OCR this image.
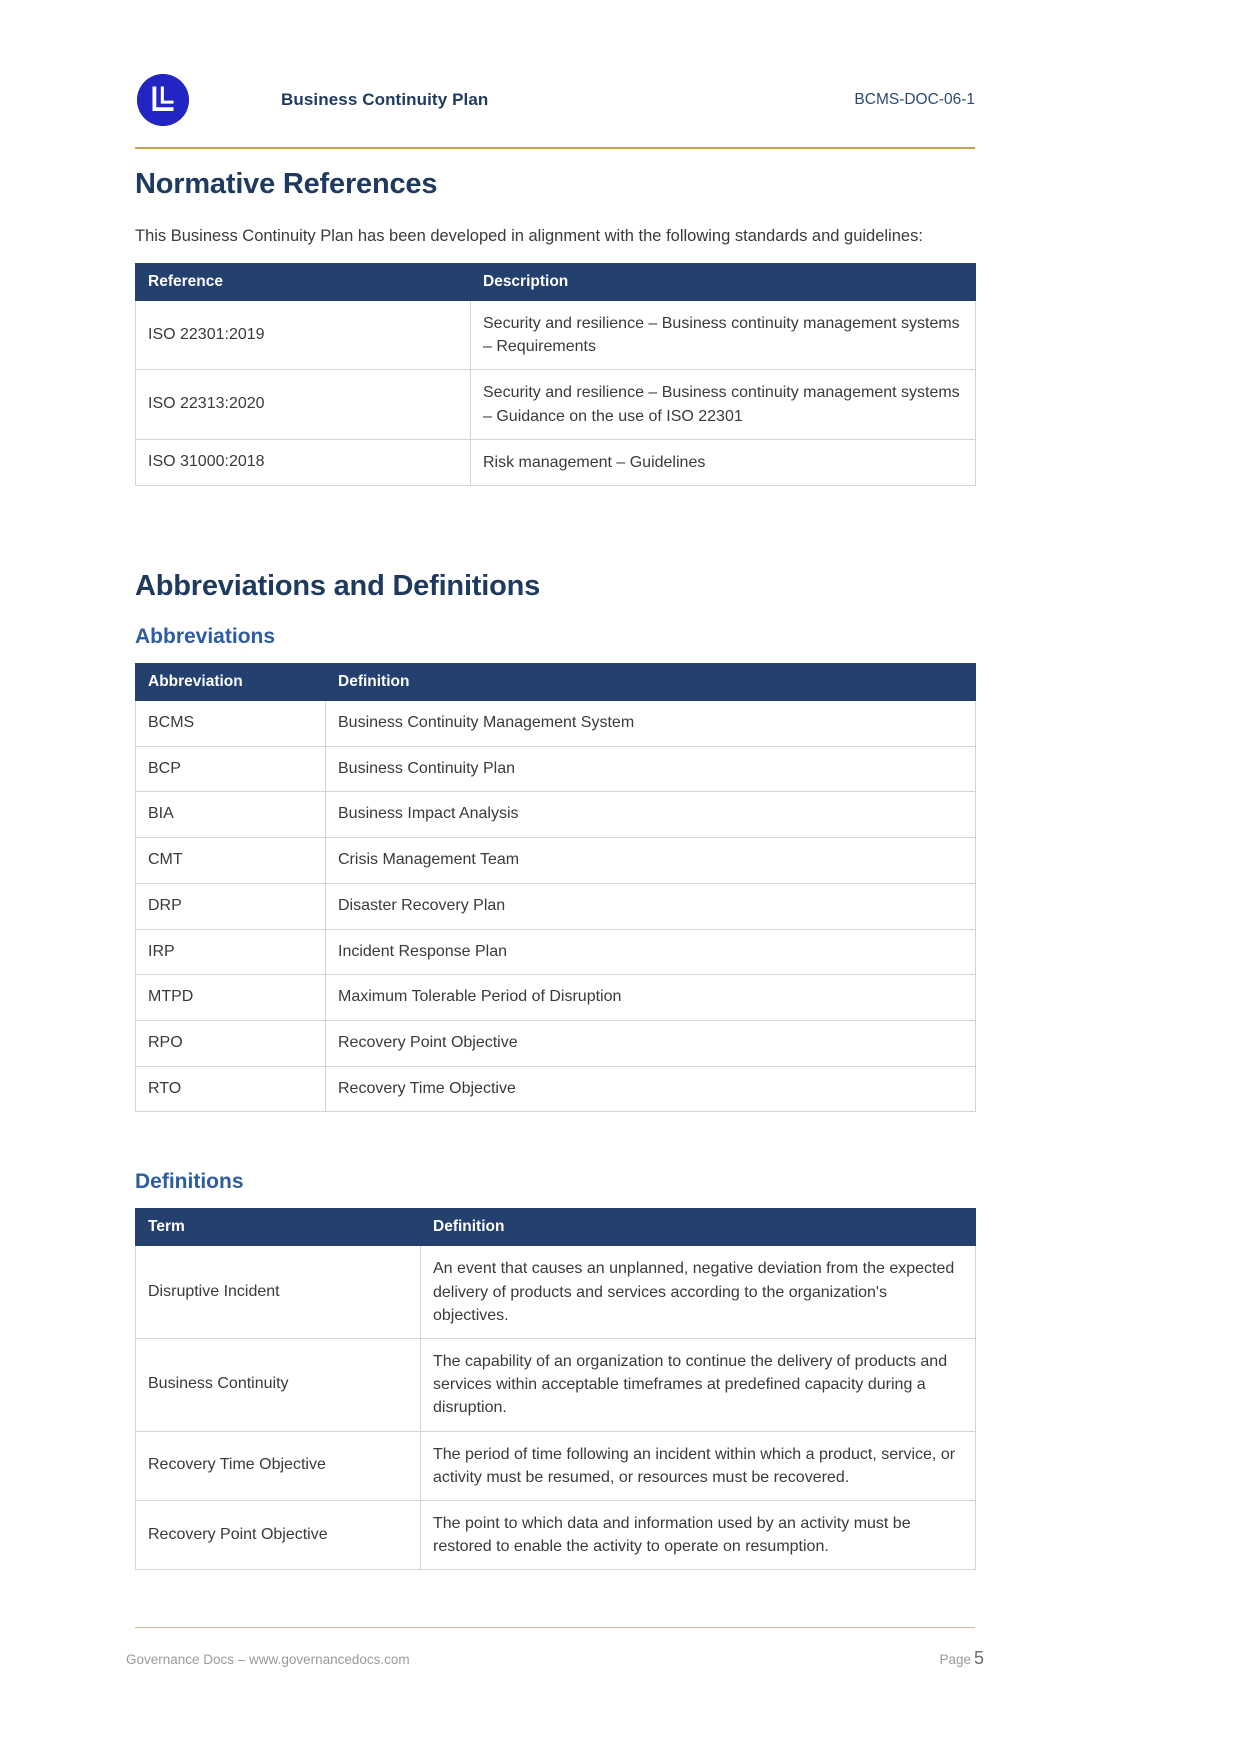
Business Continuity Plan	BCMS-DOC-06-1
Normative References

This Business Continuity Plan has been developed in alignment with the following standards and guidelines:

Reference	Description
ISO 22301:2019	Security and resilience – Business continuity management systems – Requirements
ISO 22313:2020	Security and resilience – Business continuity management systems – Guidance on the use of ISO 22301
ISO 31000:2018	Risk management – Guidelines
Abbreviations and Definitions
Abbreviations
Abbreviation	Definition
BCMS	Business Continuity Management System
BCP	Business Continuity Plan
BIA	Business Impact Analysis
CMT	Crisis Management Team
DRP	Disaster Recovery Plan
IRP	Incident Response Plan
MTPD	Maximum Tolerable Period of Disruption
RPO	Recovery Point Objective
RTO	Recovery Time Objective
Definitions
Term	Definition
Disruptive Incident	An event that causes an unplanned, negative deviation from the expected delivery of products and services according to the organization's objectives.
Business Continuity	The capability of an organization to continue the delivery of products and services within acceptable timeframes at predefined capacity during a disruption.
Recovery Time Objective	The period of time following an incident within which a product, service, or activity must be resumed, or resources must be recovered.
Recovery Point Objective	The point to which data and information used by an activity must be restored to enable the activity to operate on resumption.
Governance Docs – www.governancedocs.com	Page 5
